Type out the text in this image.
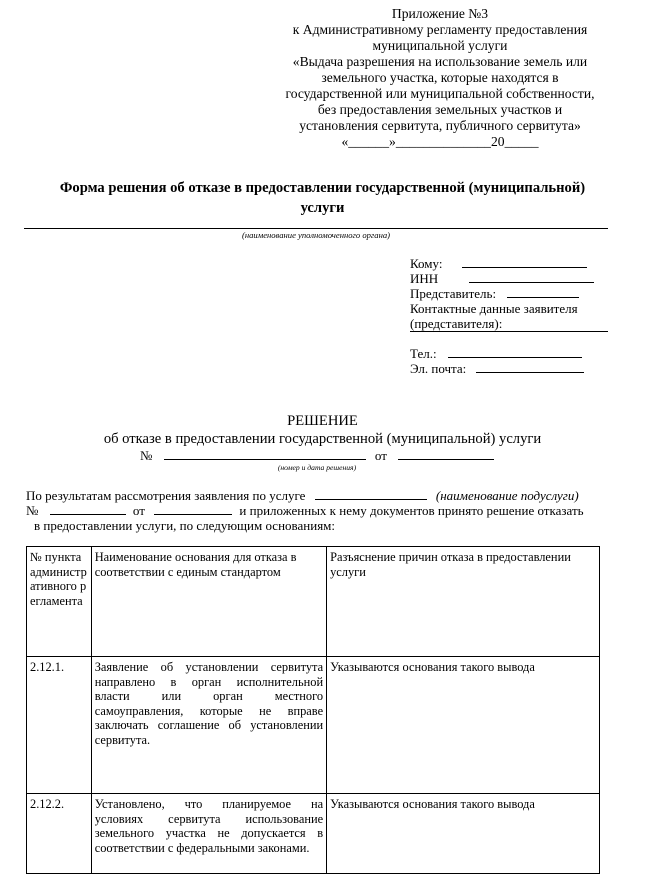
Приложение №3
к Административному регламенту предоставления
муниципальной услуги
«Выдача разрешения на использование земель или
земельного участка, которые находятся в
государственной или муниципальной собственности,
без предоставления земельных участков и
установления сервитута, публичного сервитута»
«______»______________20_____
Форма решения об отказе в предоставлении государственной (муниципальной)
услуги
(наименование уполномоченного органа)
Кому:
ИНН
Представитель:
Контактные данные заявителя
(представителя):
Тел.:
Эл. почта:
РЕШЕНИЕ
об отказе в предоставлении государственной (муниципальной) услуги
№	от
(номер и дата решения)
По результатам рассмотрения заявления по услуге	(наименование подуслуги)
№	от	и приложенных к нему документов принято решение отказать
в предоставлении услуги, по следующим основаниям:
№ пункта административного регламента	Наименование основания для отказа в соответствии с единым стандартом	Разъяснение причин отказа в предоставлении услуги
2.12.1.	Заявление об установлении сервитута направлено в орган исполнительной власти или орган местного самоуправления, которые не вправе заключать соглашение об установлении сервитута.	Указываются основания такого вывода
2.12.2.	Установлено, что планируемое на условиях сервитута использование земельного участка не допускается в соответствии с федеральными законами.	Указываются основания такого вывода
